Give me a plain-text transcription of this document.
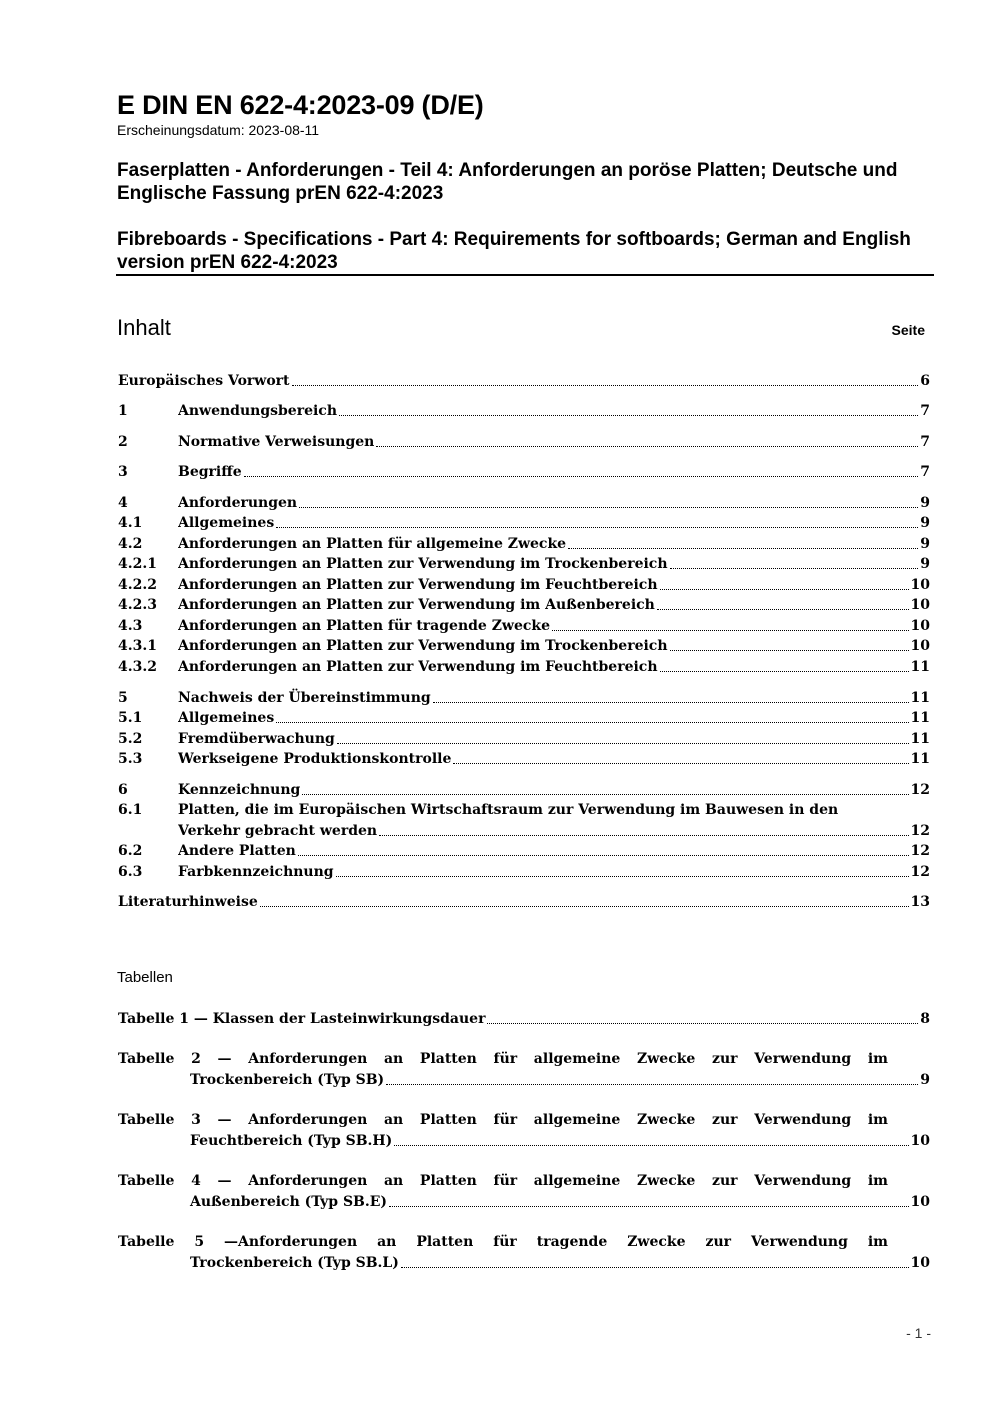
E DIN EN 622-4:2023-09 (D/E)
Erscheinungsdatum: 2023-08-11
Faserplatten - Anforderungen - Teil 4: Anforderungen an poröse Platten; Deutsche und Englische Fassung prEN 622-4:2023
Fibreboards - Specifications - Part 4: Requirements for softboards; German and English version prEN 622-4:2023
Inhalt	Seite
Europäisches Vorwort	6
1	Anwendungsbereich	7
2	Normative Verweisungen	7
3	Begriffe	7
4	Anforderungen	9
4.1	Allgemeines	9
4.2	Anforderungen an Platten für allgemeine Zwecke	9
4.2.1	Anforderungen an Platten zur Verwendung im Trockenbereich	9
4.2.2	Anforderungen an Platten zur Verwendung im Feuchtbereich	10
4.2.3	Anforderungen an Platten zur Verwendung im Außenbereich	10
4.3	Anforderungen an Platten für tragende Zwecke	10
4.3.1	Anforderungen an Platten zur Verwendung im Trockenbereich	10
4.3.2	Anforderungen an Platten zur Verwendung im Feuchtbereich	11
5	Nachweis der Übereinstimmung	11
5.1	Allgemeines	11
5.2	Fremdüberwachung	11
5.3	Werkseigene Produktionskontrolle	11
6	Kennzeichnung	12
6.1	Platten, die im Europäischen Wirtschaftsraum zur Verwendung im Bauwesen in den
Verkehr gebracht werden	12
6.2	Andere Platten	12
6.3	Farbkennzeichnung	12
Literaturhinweise	13
Tabellen
Tabelle 1 — Klassen der Lasteinwirkungsdauer	8
Tabelle 2 — Anforderungen an Platten für allgemeine Zwecke zur Verwendung im
Trockenbereich (Typ SB)	9
Tabelle 3 — Anforderungen an Platten für allgemeine Zwecke zur Verwendung im
Feuchtbereich (Typ SB.H)	10
Tabelle 4 — Anforderungen an Platten für allgemeine Zwecke zur Verwendung im
Außenbereich (Typ SB.E)	10
Tabelle 5 —Anforderungen an Platten für tragende Zwecke zur Verwendung im
Trockenbereich (Typ SB.L)	10
- 1 -
